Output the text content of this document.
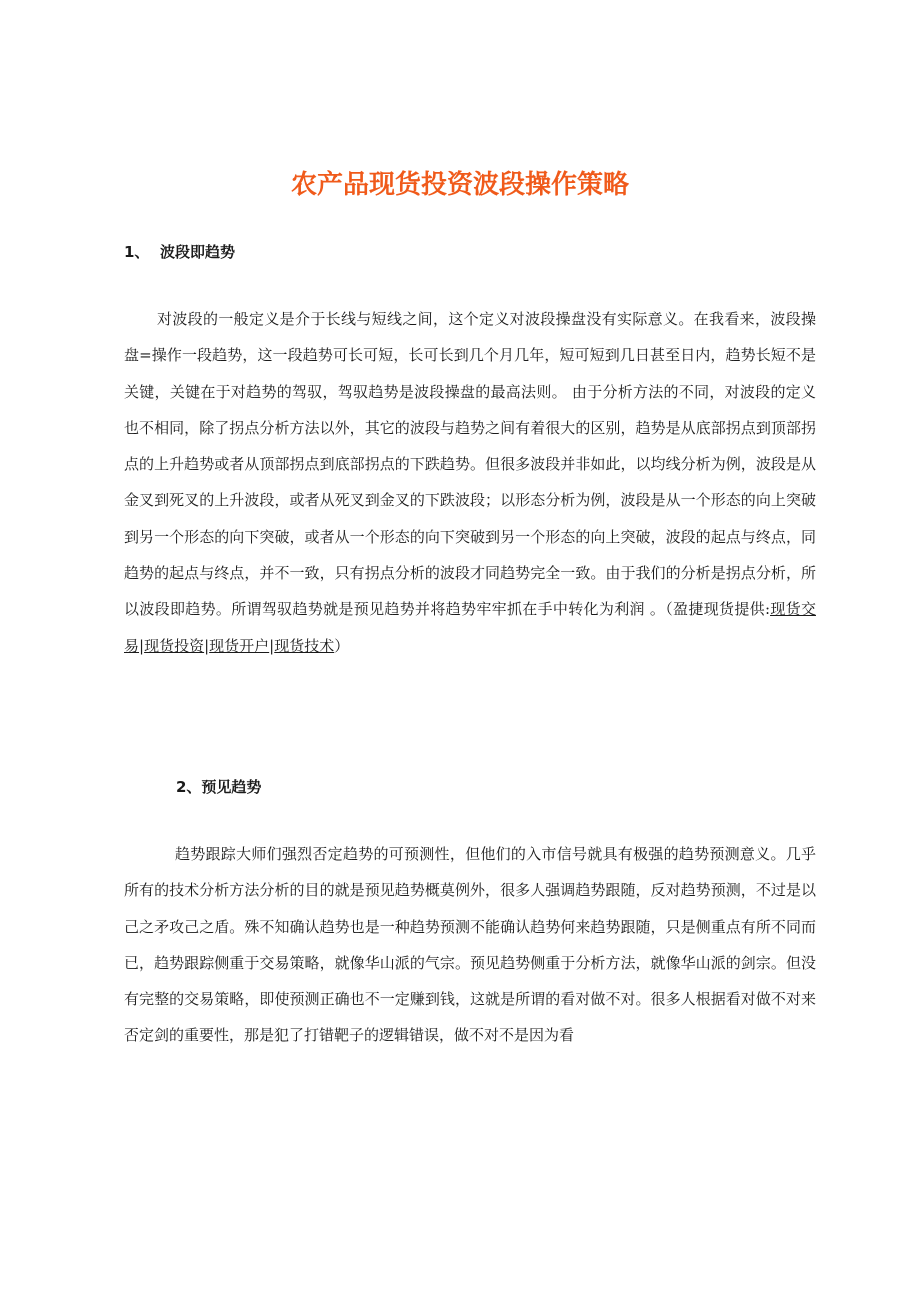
农产品现货投资波段操作策略
1、 波段即趋势

对波段的一般定义是介于长线与短线之间，这个定义对波段操盘没有实际意义。在我看来，波段操盘=操作一段趋势，这一段趋势可长可短，长可长到几个月几年，短可短到几日甚至日内，趋势长短不是关键，关键在于对趋势的驾驭，驾驭趋势是波段操盘的最高法则。 由于分析方法的不同，对波段的定义也不相同，除了拐点分析方法以外，其它的波段与趋势之间有着很大的区别，趋势是从底部拐点到顶部拐点的上升趋势或者从顶部拐点到底部拐点的下跌趋势。但很多波段并非如此，以均线分析为例，波段是从金叉到死叉的上升波段，或者从死叉到金叉的下跌波段；以形态分析为例，波段是从一个形态的向上突破到另一个形态的向下突破，或者从一个形态的向下突破到另一个形态的向上突破，波段的起点与终点，同趋势的起点与终点，并不一致，只有拐点分析的波段才同趋势完全一致。由于我们的分析是拐点分析，所以波段即趋势。所谓驾驭趋势就是预见趋势并将趋势牢牢抓在手中转化为利润 。（盈捷现货提供:现货交易|现货投资|现货开户|现货技术）

2、预见趋势

趋势跟踪大师们强烈否定趋势的可预测性，但他们的入市信号就具有极强的趋势预测意义。几乎所有的技术分析方法分析的目的就是预见趋势概莫例外，很多人强调趋势跟随，反对趋势预测，不过是以己之矛攻己之盾。殊不知确认趋势也是一种趋势预测不能确认趋势何来趋势跟随，只是侧重点有所不同而已，趋势跟踪侧重于交易策略，就像华山派的气宗。预见趋势侧重于分析方法，就像华山派的剑宗。但没有完整的交易策略，即使预测正确也不一定赚到钱，这就是所谓的看对做不对。很多人根据看对做不对来否定剑的重要性，那是犯了打错靶子的逻辑错误，做不对不是因为看
